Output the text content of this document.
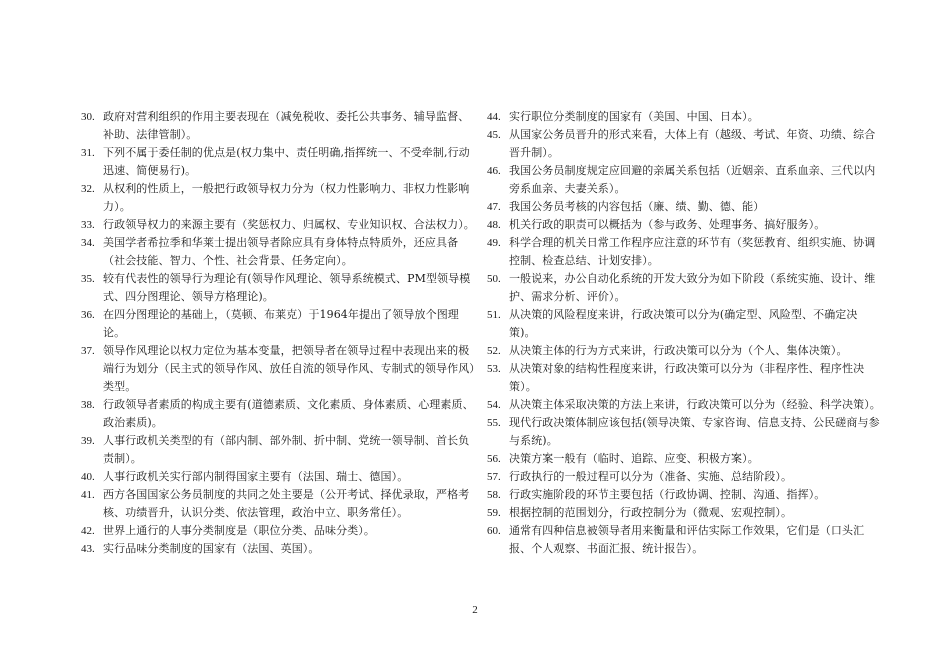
30. 政府对营利组织的作用主要表现在（减免税收、委托公共事务、辅导监督、补助、法律管制）。
31. 下列不属于委任制的优点是(权力集中、责任明确,指挥统一、不受牵制,行动迅速、简便易行)。
32. 从权利的性质上，一般把行政领导权力分为（权力性影响力、非权力性影响力）。
33. 行政领导权力的来源主要有（奖惩权力、归属权、专业知识权、合法权力）。
34. 美国学者希拉季和华莱士提出领导者除应具有身体特点特质外，还应具备（社会技能、智力、个性、社会背景、任务定向）。
35. 较有代表性的领导行为理论有(领导作风理论、领导系统模式、PM型领导模式、四分图理论、领导方格理论)。
36. 在四分图理论的基础上，（莫顿、布莱克）于1964年提出了领导放个图理论。
37. 领导作风理论以权力定位为基本变量，把领导者在领导过程中表现出来的极端行为划分（民主式的领导作风、放任自流的领导作风、专制式的领导作风）类型。
38. 行政领导者素质的构成主要有(道德素质、文化素质、身体素质、心理素质、政治素质)。
39. 人事行政机关类型的有（部内制、部外制、折中制、党统一领导制、首长负责制）。
40. 人事行政机关实行部内制得国家主要有（法国、瑞士、德国）。
41. 西方各国国家公务员制度的共同之处主要是（公开考试、择优录取，严格考核、功绩晋升，认识分类、依法管理，政治中立、职务常任）。
42. 世界上通行的人事分类制度是（职位分类、品味分类）。
43. 实行品味分类制度的国家有（法国、英国）。
44. 实行职位分类制度的国家有（美国、中国、日本）。
45. 从国家公务员晋升的形式来看，大体上有（越级、考试、年资、功绩、综合晋升制）。
46. 我国公务员制度规定应回避的亲属关系包括（近姻亲、直系血亲、三代以内旁系血亲、夫妻关系）。
47. 我国公务员考核的内容包括（廉、绩、勤、德、能）
48. 机关行政的职责可以概括为（参与政务、处理事务、搞好服务）。
49. 科学合理的机关日常工作程序应注意的环节有（奖惩教育、组织实施、协调控制、检查总结、计划安排）。
50. 一般说来，办公自动化系统的开发大致分为如下阶段（系统实施、设计、维护、需求分析、评价）。
51. 从决策的风险程度来讲，行政决策可以分为(确定型、风险型、不确定决策)。
52. 从决策主体的行为方式来讲，行政决策可以分为（个人、集体决策）。
53. 从决策对象的结构性程度来讲，行政决策可以分为（非程序性、程序性决策）。
54. 从决策主体采取决策的方法上来讲，行政决策可以分为（经验、科学决策）。
55. 现代行政决策体制应该包括(领导决策、专家咨询、信息支持、公民磋商与参与系统)。
56. 决策方案一般有（临时、追踪、应变、积极方案）。
57. 行政执行的一般过程可以分为（准备、实施、总结阶段）。
58. 行政实施阶段的环节主要包括（行政协调、控制、沟通、指挥）。
59. 根据控制的范围划分，行政控制分为（微观、宏观控制）。
60. 通常有四种信息被领导者用来衡量和评估实际工作效果，它们是（口头汇报、个人观察、书面汇报、统计报告）。
2
